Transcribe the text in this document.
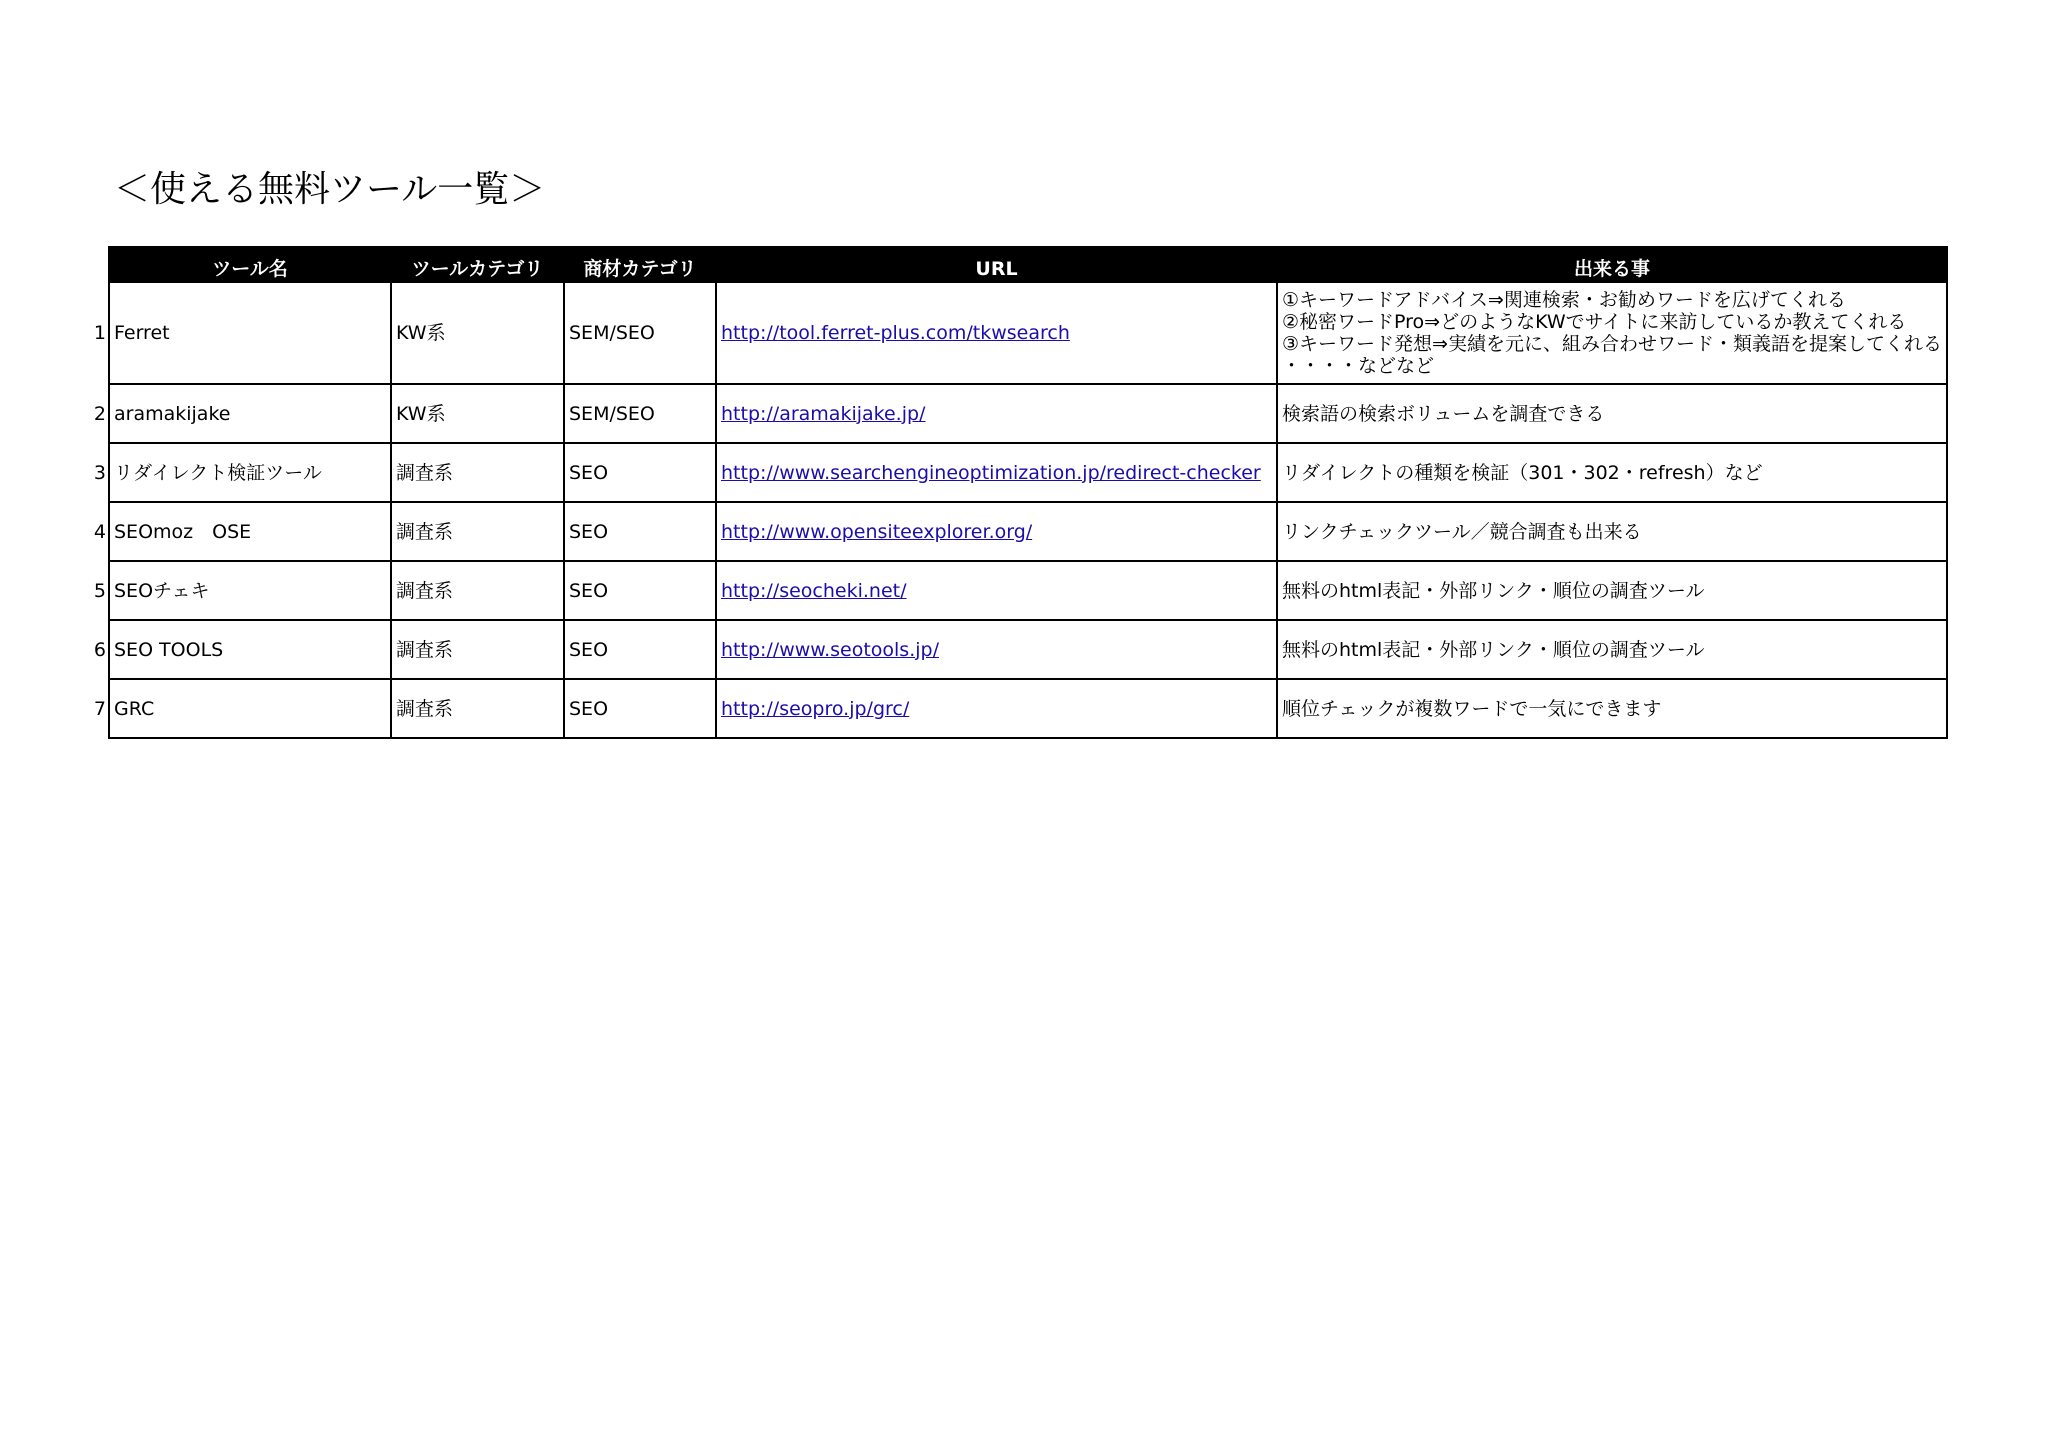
＜使える無料ツール一覧＞
ツール名	ツールカテゴリ	商材カテゴリ	URL	出来る事

1 Ferret	KW系	SEM/SEO	http://tool.ferret-plus.com/tkwsearch	①キーワードアドバイス⇒関連検索・お勧めワードを広げてくれる
②秘密ワードPro⇒どのようなKWでサイトに来訪しているか教えてくれる
③キーワード発想⇒実績を元に、組み合わせワード・類義語を提案してくれる
・・・・などなど

2 aramakijake	KW系	SEM/SEO	http://aramakijake.jp/	検索語の検索ボリュームを調査できる

3 リダイレクト検証ツール	調査系	SEO	http://www.searchengineoptimization.jp/redirect-checker	リダイレクトの種類を検証（301・302・refresh）など

4 SEOmoz　OSE	調査系	SEO	http://www.opensiteexplorer.org/	リンクチェックツール／競合調査も出来る

5 SEOチェキ	調査系	SEO	http://seocheki.net/	無料のhtml表記・外部リンク・順位の調査ツール

6 SEO TOOLS	調査系	SEO	http://www.seotools.jp/	無料のhtml表記・外部リンク・順位の調査ツール

7 GRC	調査系	SEO	http://seopro.jp/grc/	順位チェックが複数ワードで一気にできます
